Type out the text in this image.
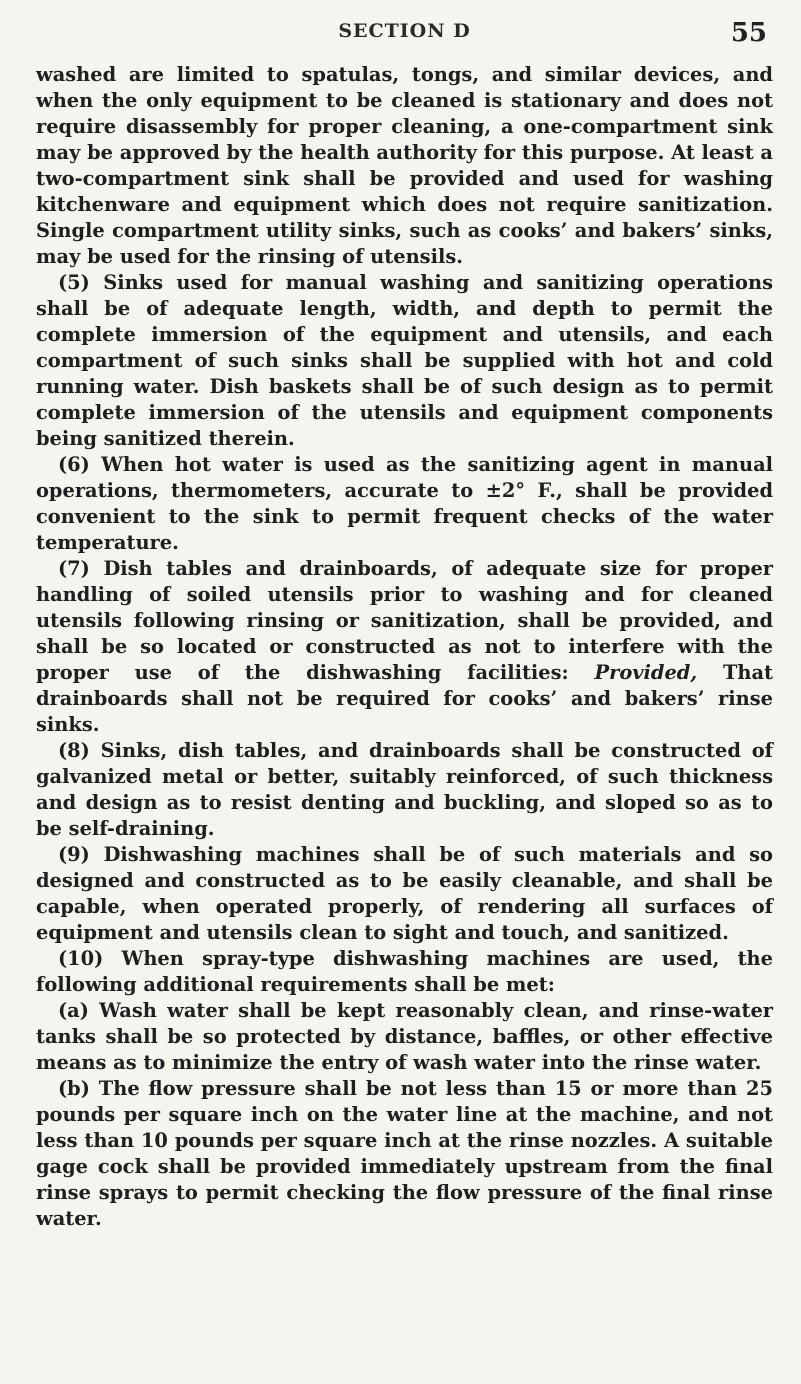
SECTION D	55

washed are limited to spatulas, tongs, and similar devices, and when the only equipment to be cleaned is stationary and does not require disassembly for proper cleaning, a one-compartment sink may be approved by the health authority for this purpose. At least a two-compartment sink shall be provided and used for washing kitchenware and equipment which does not require sanitization. Single compartment utility sinks, such as cooks’ and bakers’ sinks, may be used for the rinsing of utensils.

(5) Sinks used for manual washing and sanitizing operations shall be of adequate length, width, and depth to permit the complete immersion of the equipment and utensils, and each compartment of such sinks shall be supplied with hot and cold running water. Dish baskets shall be of such design as to permit complete immersion of the utensils and equipment components being sanitized therein.

(6) When hot water is used as the sanitizing agent in manual operations, thermometers, accurate to ±2° F., shall be provided convenient to the sink to permit frequent checks of the water temperature.

(7) Dish tables and drainboards, of adequate size for proper handling of soiled utensils prior to washing and for cleaned utensils following rinsing or sanitization, shall be provided, and shall be so located or constructed as not to interfere with the proper use of the dishwashing facilities: Provided, That drainboards shall not be required for cooks’ and bakers’ rinse sinks.

(8) Sinks, dish tables, and drainboards shall be constructed of galvanized metal or better, suitably reinforced, of such thickness and design as to resist denting and buckling, and sloped so as to be self-draining.

(9) Dishwashing machines shall be of such materials and so designed and constructed as to be easily cleanable, and shall be capable, when operated properly, of rendering all surfaces of equipment and utensils clean to sight and touch, and sanitized.

(10) When spray-type dishwashing machines are used, the following additional requirements shall be met:

(a) Wash water shall be kept reasonably clean, and rinse-water tanks shall be so protected by distance, baffles, or other effective means as to minimize the entry of wash water into the rinse water.

(b) The flow pressure shall be not less than 15 or more than 25 pounds per square inch on the water line at the machine, and not less than 10 pounds per square inch at the rinse nozzles. A suitable gage cock shall be provided immediately upstream from the final rinse sprays to permit checking the flow pressure of the final rinse water.
